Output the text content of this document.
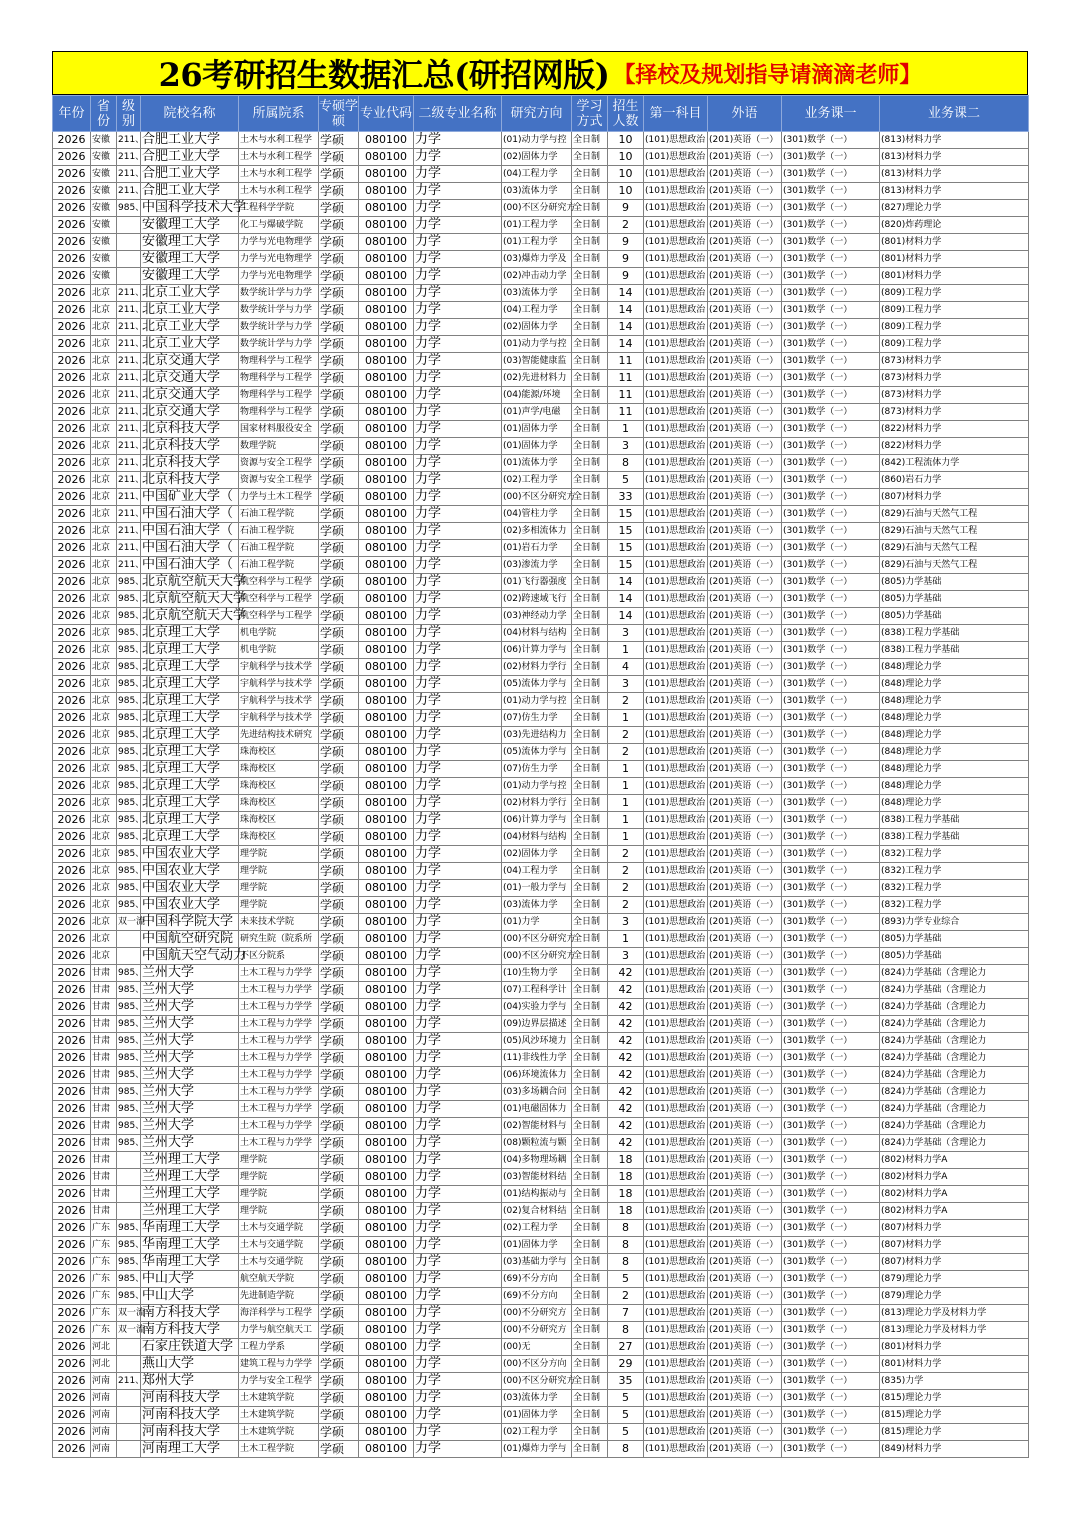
26考研招生数据汇总(研招网版) 【择校及规划指导请滴滴老师】
年份	省份	级别	院校名称	所属院系	专硕学硕	专业代码	二级专业名称	研究方向	学习方式	招生人数	第一科目	外语	业务课一	业务课二
2026	安徽	211、	合肥工业大学	土木与水利工程学	学硕	080100	力学	(01)动力学与控	全日制	10	(101)思想政治	(201)英语（一）	(301)数学（一）	(813)材料力学
2026	安徽	211、	合肥工业大学	土木与水利工程学	学硕	080100	力学	(02)固体力学	全日制	10	(101)思想政治	(201)英语（一）	(301)数学（一）	(813)材料力学
2026	安徽	211、	合肥工业大学	土木与水利工程学	学硕	080100	力学	(04)工程力学	全日制	10	(101)思想政治	(201)英语（一）	(301)数学（一）	(813)材料力学
2026	安徽	211、	合肥工业大学	土木与水利工程学	学硕	080100	力学	(03)流体力学	全日制	10	(101)思想政治	(201)英语（一）	(301)数学（一）	(813)材料力学
2026	安徽	985、	中国科学技术大学	工程科学学院	学硕	080100	力学	(00)不区分研究方	全日制	9	(101)思想政治	(201)英语（一）	(301)数学（一）	(827)理论力学
2026	安徽		安徽理工大学	化工与爆破学院	学硕	080100	力学	(01)工程力学	全日制	2	(101)思想政治	(201)英语（一）	(301)数学（一）	(820)炸药理论
2026	安徽		安徽理工大学	力学与光电物理学	学硕	080100	力学	(01)工程力学	全日制	9	(101)思想政治	(201)英语（一）	(301)数学（一）	(801)材料力学
2026	安徽		安徽理工大学	力学与光电物理学	学硕	080100	力学	(03)爆炸力学及	全日制	9	(101)思想政治	(201)英语（一）	(301)数学（一）	(801)材料力学
2026	安徽		安徽理工大学	力学与光电物理学	学硕	080100	力学	(02)冲击动力学	全日制	9	(101)思想政治	(201)英语（一）	(301)数学（一）	(801)材料力学
2026	北京	211、	北京工业大学	数学统计学与力学	学硕	080100	力学	(03)流体力学	全日制	14	(101)思想政治	(201)英语（一）	(301)数学（一）	(809)工程力学
2026	北京	211、	北京工业大学	数学统计学与力学	学硕	080100	力学	(04)工程力学	全日制	14	(101)思想政治	(201)英语（一）	(301)数学（一）	(809)工程力学
2026	北京	211、	北京工业大学	数学统计学与力学	学硕	080100	力学	(02)固体力学	全日制	14	(101)思想政治	(201)英语（一）	(301)数学（一）	(809)工程力学
2026	北京	211、	北京工业大学	数学统计学与力学	学硕	080100	力学	(01)动力学与控	全日制	14	(101)思想政治	(201)英语（一）	(301)数学（一）	(809)工程力学
2026	北京	211、	北京交通大学	物理科学与工程学	学硕	080100	力学	(03)智能健康监	全日制	11	(101)思想政治	(201)英语（一）	(301)数学（一）	(873)材料力学
2026	北京	211、	北京交通大学	物理科学与工程学	学硕	080100	力学	(02)先进材料力	全日制	11	(101)思想政治	(201)英语（一）	(301)数学（一）	(873)材料力学
2026	北京	211、	北京交通大学	物理科学与工程学	学硕	080100	力学	(04)能源/环境	全日制	11	(101)思想政治	(201)英语（一）	(301)数学（一）	(873)材料力学
2026	北京	211、	北京交通大学	物理科学与工程学	学硕	080100	力学	(01)声学/电磁	全日制	11	(101)思想政治	(201)英语（一）	(301)数学（一）	(873)材料力学
2026	北京	211、	北京科技大学	国家材料服役安全	学硕	080100	力学	(01)固体力学	全日制	1	(101)思想政治	(201)英语（一）	(301)数学（一）	(822)材料力学
2026	北京	211、	北京科技大学	数理学院	学硕	080100	力学	(01)固体力学	全日制	3	(101)思想政治	(201)英语（一）	(301)数学（一）	(822)材料力学
2026	北京	211、	北京科技大学	资源与安全工程学	学硕	080100	力学	(01)流体力学	全日制	8	(101)思想政治	(201)英语（一）	(301)数学（一）	(842)工程流体力学
2026	北京	211、	北京科技大学	资源与安全工程学	学硕	080100	力学	(02)工程力学	全日制	5	(101)思想政治	(201)英语（一）	(301)数学（一）	(860)岩石力学
2026	北京	211、	中国矿业大学（	力学与土木工程学	学硕	080100	力学	(00)不区分研究方	全日制	33	(101)思想政治	(201)英语（一）	(301)数学（一）	(807)材料力学
2026	北京	211、	中国石油大学（	石油工程学院	学硕	080100	力学	(04)管柱力学	全日制	15	(101)思想政治	(201)英语（一）	(301)数学（一）	(829)石油与天然气工程
2026	北京	211、	中国石油大学（	石油工程学院	学硕	080100	力学	(02)多相流体力	全日制	15	(101)思想政治	(201)英语（一）	(301)数学（一）	(829)石油与天然气工程
2026	北京	211、	中国石油大学（	石油工程学院	学硕	080100	力学	(01)岩石力学	全日制	15	(101)思想政治	(201)英语（一）	(301)数学（一）	(829)石油与天然气工程
2026	北京	211、	中国石油大学（	石油工程学院	学硕	080100	力学	(03)渗流力学	全日制	15	(101)思想政治	(201)英语（一）	(301)数学（一）	(829)石油与天然气工程
2026	北京	985、	北京航空航天大学	航空科学与工程学	学硕	080100	力学	(01)飞行器强度	全日制	14	(101)思想政治	(201)英语（一）	(301)数学（一）	(805)力学基础
2026	北京	985、	北京航空航天大学	航空科学与工程学	学硕	080100	力学	(02)跨速域飞行	全日制	14	(101)思想政治	(201)英语（一）	(301)数学（一）	(805)力学基础
2026	北京	985、	北京航空航天大学	航空科学与工程学	学硕	080100	力学	(03)神经动力学	全日制	14	(101)思想政治	(201)英语（一）	(301)数学（一）	(805)力学基础
2026	北京	985、	北京理工大学	机电学院	学硕	080100	力学	(04)材料与结构	全日制	3	(101)思想政治	(201)英语（一）	(301)数学（一）	(838)工程力学基础
2026	北京	985、	北京理工大学	机电学院	学硕	080100	力学	(06)计算力学与	全日制	1	(101)思想政治	(201)英语（一）	(301)数学（一）	(838)工程力学基础
2026	北京	985、	北京理工大学	宇航科学与技术学	学硕	080100	力学	(02)材料力学行	全日制	4	(101)思想政治	(201)英语（一）	(301)数学（一）	(848)理论力学
2026	北京	985、	北京理工大学	宇航科学与技术学	学硕	080100	力学	(05)流体力学与	全日制	3	(101)思想政治	(201)英语（一）	(301)数学（一）	(848)理论力学
2026	北京	985、	北京理工大学	宇航科学与技术学	学硕	080100	力学	(01)动力学与控	全日制	2	(101)思想政治	(201)英语（一）	(301)数学（一）	(848)理论力学
2026	北京	985、	北京理工大学	宇航科学与技术学	学硕	080100	力学	(07)仿生力学	全日制	1	(101)思想政治	(201)英语（一）	(301)数学（一）	(848)理论力学
2026	北京	985、	北京理工大学	先进结构技术研究	学硕	080100	力学	(03)先进结构力	全日制	2	(101)思想政治	(201)英语（一）	(301)数学（一）	(848)理论力学
2026	北京	985、	北京理工大学	珠海校区	学硕	080100	力学	(05)流体力学与	全日制	2	(101)思想政治	(201)英语（一）	(301)数学（一）	(848)理论力学
2026	北京	985、	北京理工大学	珠海校区	学硕	080100	力学	(07)仿生力学	全日制	1	(101)思想政治	(201)英语（一）	(301)数学（一）	(848)理论力学
2026	北京	985、	北京理工大学	珠海校区	学硕	080100	力学	(01)动力学与控	全日制	1	(101)思想政治	(201)英语（一）	(301)数学（一）	(848)理论力学
2026	北京	985、	北京理工大学	珠海校区	学硕	080100	力学	(02)材料力学行	全日制	1	(101)思想政治	(201)英语（一）	(301)数学（一）	(848)理论力学
2026	北京	985、	北京理工大学	珠海校区	学硕	080100	力学	(06)计算力学与	全日制	1	(101)思想政治	(201)英语（一）	(301)数学（一）	(838)工程力学基础
2026	北京	985、	北京理工大学	珠海校区	学硕	080100	力学	(04)材料与结构	全日制	1	(101)思想政治	(201)英语（一）	(301)数学（一）	(838)工程力学基础
2026	北京	985、	中国农业大学	理学院	学硕	080100	力学	(02)固体力学	全日制	2	(101)思想政治	(201)英语（一）	(301)数学（一）	(832)工程力学
2026	北京	985、	中国农业大学	理学院	学硕	080100	力学	(04)工程力学	全日制	2	(101)思想政治	(201)英语（一）	(301)数学（一）	(832)工程力学
2026	北京	985、	中国农业大学	理学院	学硕	080100	力学	(01)一般力学与	全日制	2	(101)思想政治	(201)英语（一）	(301)数学（一）	(832)工程力学
2026	北京	985、	中国农业大学	理学院	学硕	080100	力学	(03)流体力学	全日制	2	(101)思想政治	(201)英语（一）	(301)数学（一）	(832)工程力学
2026	北京	双一流	中国科学院大学	未来技术学院	学硕	080100	力学	(01)力学	全日制	3	(101)思想政治	(201)英语（一）	(301)数学（一）	(893)力学专业综合
2026	北京		中国航空研究院	研究生院（院系所	学硕	080100	力学	(00)不区分研究方	全日制	1	(101)思想政治	(201)英语（一）	(301)数学（一）	(805)力学基础
2026	北京		中国航天空气动力	不区分院系	学硕	080100	力学	(00)不区分研究方	全日制	3	(101)思想政治	(201)英语（一）	(301)数学（一）	(805)力学基础
2026	甘肃	985、	兰州大学	土木工程与力学学	学硕	080100	力学	(10)生物力学	全日制	42	(101)思想政治	(201)英语（一）	(301)数学（一）	(824)力学基础（含理论力
2026	甘肃	985、	兰州大学	土木工程与力学学	学硕	080100	力学	(07)工程科学计	全日制	42	(101)思想政治	(201)英语（一）	(301)数学（一）	(824)力学基础（含理论力
2026	甘肃	985、	兰州大学	土木工程与力学学	学硕	080100	力学	(04)实验力学与	全日制	42	(101)思想政治	(201)英语（一）	(301)数学（一）	(824)力学基础（含理论力
2026	甘肃	985、	兰州大学	土木工程与力学学	学硕	080100	力学	(09)边界层描述	全日制	42	(101)思想政治	(201)英语（一）	(301)数学（一）	(824)力学基础（含理论力
2026	甘肃	985、	兰州大学	土木工程与力学学	学硕	080100	力学	(05)风沙环境力	全日制	42	(101)思想政治	(201)英语（一）	(301)数学（一）	(824)力学基础（含理论力
2026	甘肃	985、	兰州大学	土木工程与力学学	学硕	080100	力学	(11)非线性力学	全日制	42	(101)思想政治	(201)英语（一）	(301)数学（一）	(824)力学基础（含理论力
2026	甘肃	985、	兰州大学	土木工程与力学学	学硕	080100	力学	(06)环境流体力	全日制	42	(101)思想政治	(201)英语（一）	(301)数学（一）	(824)力学基础（含理论力
2026	甘肃	985、	兰州大学	土木工程与力学学	学硕	080100	力学	(03)多场耦合问	全日制	42	(101)思想政治	(201)英语（一）	(301)数学（一）	(824)力学基础（含理论力
2026	甘肃	985、	兰州大学	土木工程与力学学	学硕	080100	力学	(01)电磁固体力	全日制	42	(101)思想政治	(201)英语（一）	(301)数学（一）	(824)力学基础（含理论力
2026	甘肃	985、	兰州大学	土木工程与力学学	学硕	080100	力学	(02)智能材料与	全日制	42	(101)思想政治	(201)英语（一）	(301)数学（一）	(824)力学基础（含理论力
2026	甘肃	985、	兰州大学	土木工程与力学学	学硕	080100	力学	(08)颗粒流与颗	全日制	42	(101)思想政治	(201)英语（一）	(301)数学（一）	(824)力学基础（含理论力
2026	甘肃		兰州理工大学	理学院	学硕	080100	力学	(04)多物理场耦	全日制	18	(101)思想政治	(201)英语（一）	(301)数学（一）	(802)材料力学A
2026	甘肃		兰州理工大学	理学院	学硕	080100	力学	(03)智能材料结	全日制	18	(101)思想政治	(201)英语（一）	(301)数学（一）	(802)材料力学A
2026	甘肃		兰州理工大学	理学院	学硕	080100	力学	(01)结构振动与	全日制	18	(101)思想政治	(201)英语（一）	(301)数学（一）	(802)材料力学A
2026	甘肃		兰州理工大学	理学院	学硕	080100	力学	(02)复合材料结	全日制	18	(101)思想政治	(201)英语（一）	(301)数学（一）	(802)材料力学A
2026	广东	985、	华南理工大学	土木与交通学院	学硕	080100	力学	(02)工程力学	全日制	8	(101)思想政治	(201)英语（一）	(301)数学（一）	(807)材料力学
2026	广东	985、	华南理工大学	土木与交通学院	学硕	080100	力学	(01)固体力学	全日制	8	(101)思想政治	(201)英语（一）	(301)数学（一）	(807)材料力学
2026	广东	985、	华南理工大学	土木与交通学院	学硕	080100	力学	(03)基础力学与	全日制	8	(101)思想政治	(201)英语（一）	(301)数学（一）	(807)材料力学
2026	广东	985、	中山大学	航空航天学院	学硕	080100	力学	(69)不分方向	全日制	5	(101)思想政治	(201)英语（一）	(301)数学（一）	(879)理论力学
2026	广东	985、	中山大学	先进制造学院	学硕	080100	力学	(69)不分方向	全日制	2	(101)思想政治	(201)英语（一）	(301)数学（一）	(879)理论力学
2026	广东	双一流	南方科技大学	海洋科学与工程学	学硕	080100	力学	(00)不分研究方	全日制	7	(101)思想政治	(201)英语（一）	(301)数学（一）	(813)理论力学及材料力学
2026	广东	双一流	南方科技大学	力学与航空航天工	学硕	080100	力学	(00)不分研究方	全日制	8	(101)思想政治	(201)英语（一）	(301)数学（一）	(813)理论力学及材料力学
2026	河北		石家庄铁道大学	工程力学系	学硕	080100	力学	(00)无	全日制	27	(101)思想政治	(201)英语（一）	(301)数学（一）	(801)材料力学
2026	河北		燕山大学	建筑工程与力学学	学硕	080100	力学	(00)不区分方向	全日制	29	(101)思想政治	(201)英语（一）	(301)数学（一）	(801)材料力学
2026	河南	211、	郑州大学	力学与安全工程学	学硕	080100	力学	(00)不区分研究方	全日制	35	(101)思想政治	(201)英语（一）	(301)数学（一）	(835)力学
2026	河南		河南科技大学	土木建筑学院	学硕	080100	力学	(03)流体力学	全日制	5	(101)思想政治	(201)英语（一）	(301)数学（一）	(815)理论力学
2026	河南		河南科技大学	土木建筑学院	学硕	080100	力学	(01)固体力学	全日制	5	(101)思想政治	(201)英语（一）	(301)数学（一）	(815)理论力学
2026	河南		河南科技大学	土木建筑学院	学硕	080100	力学	(02)工程力学	全日制	5	(101)思想政治	(201)英语（一）	(301)数学（一）	(815)理论力学
2026	河南		河南理工大学	土木工程学院	学硕	080100	力学	(01)爆炸力学与	全日制	8	(101)思想政治	(201)英语（一）	(301)数学（一）	(849)材料力学
